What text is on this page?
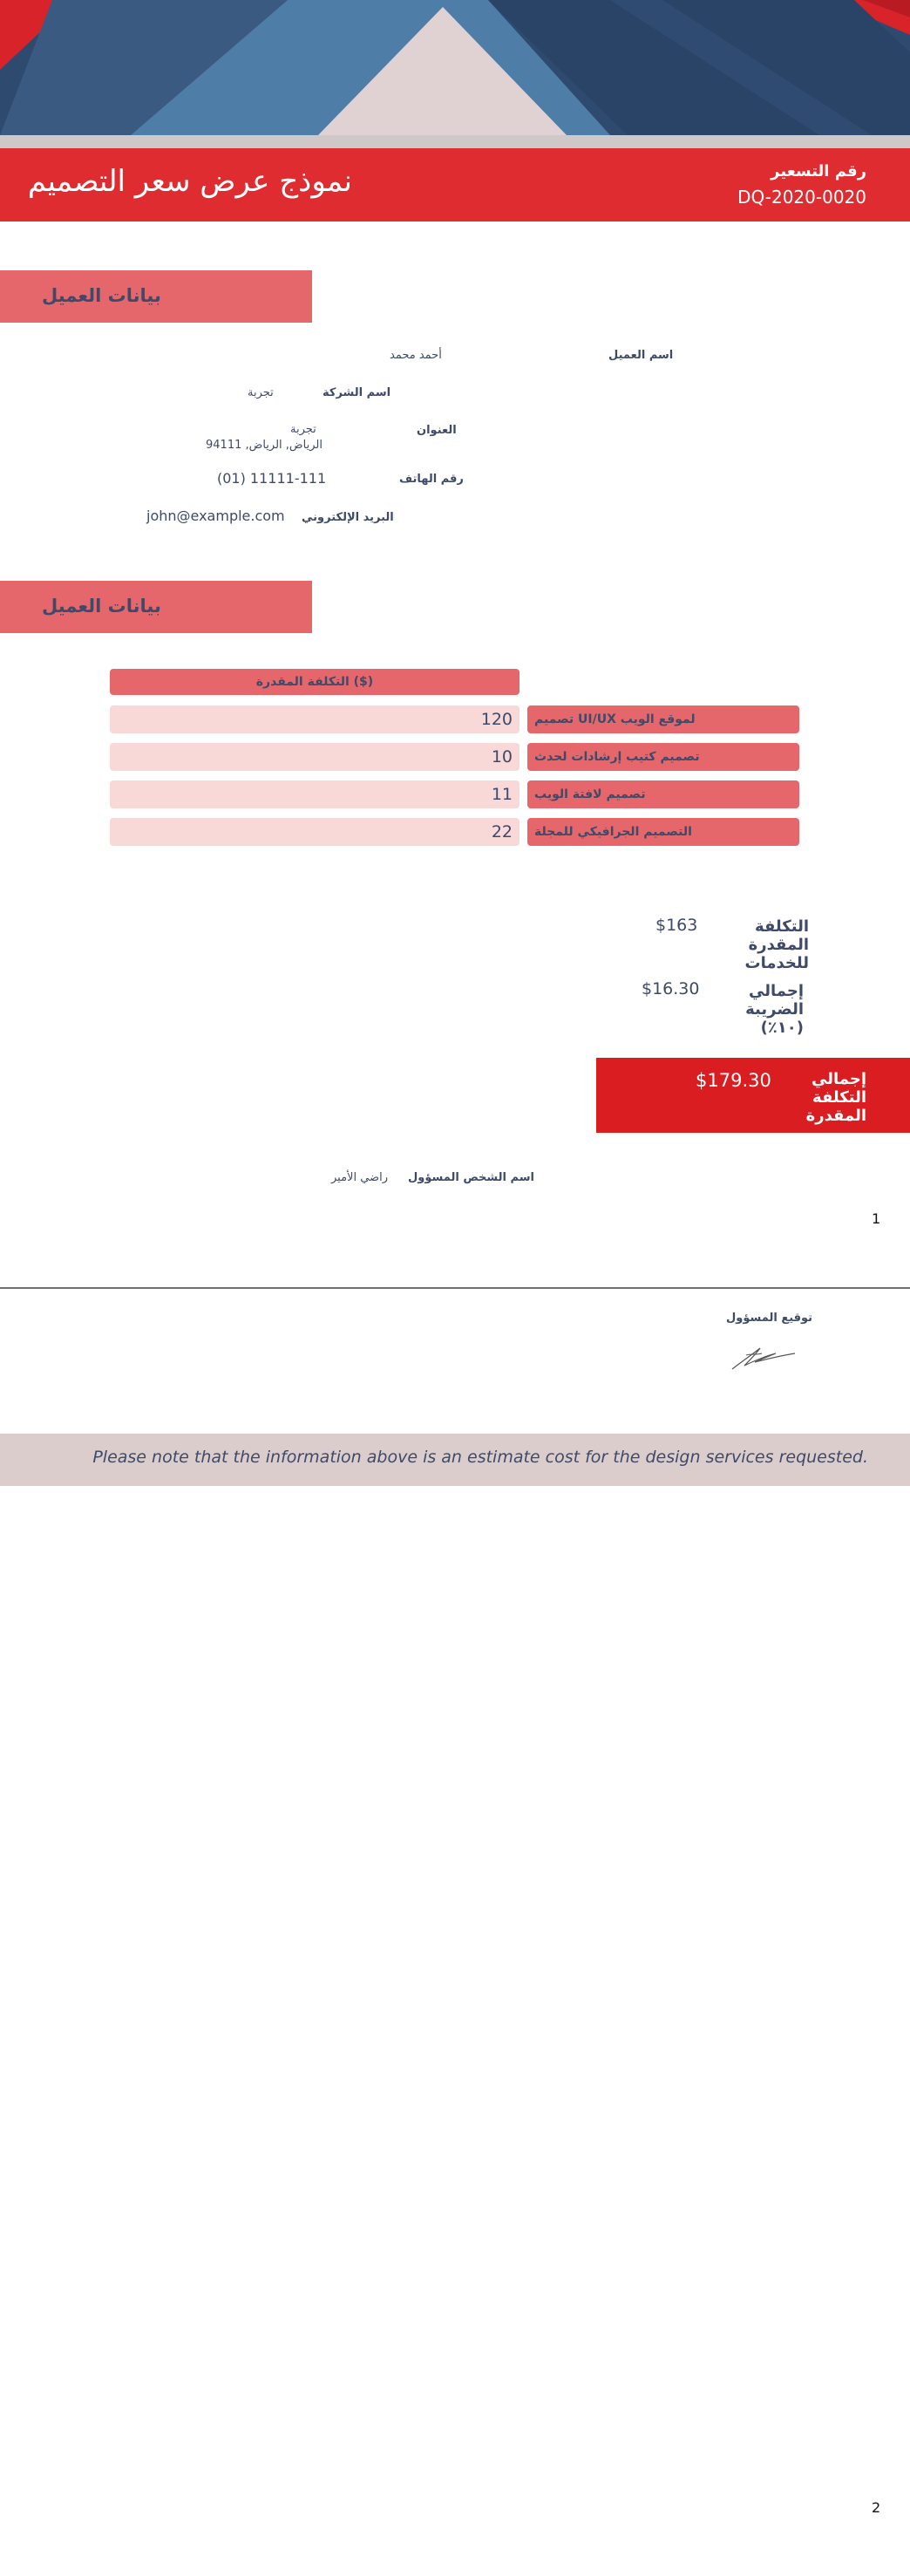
نموذج عرض سعر التصميم	رقم التسعير
DQ-2020-0020
بيانات العميل
اسم العميل
أحمد محمد
اسم الشركة
تجربة
العنوان
تجربة
الرياض, الرياض, 94111
رقم الهاتف
(01) 11111-111
البريد الإلكتروني
john@example.com
بيانات العميل
التكلفة المقدرة ($)
تصميم UI/UX لموقع الويب
120
تصميم كتيب إرشادات لحدث
10
تصميم لافتة الويب
11
التصميم الجرافيكي للمجلة
22
التكلفة المقدرة للخدمات
$163
إجمالي الضريبة (١٠٪)
$16.30
إجمالي التكلفة المقدرة
$179.30
اسم الشخص المسؤول
راضي الأمير
1
توقيع المسؤول
Please note that the information above is an estimate cost for the design services requested.
2
